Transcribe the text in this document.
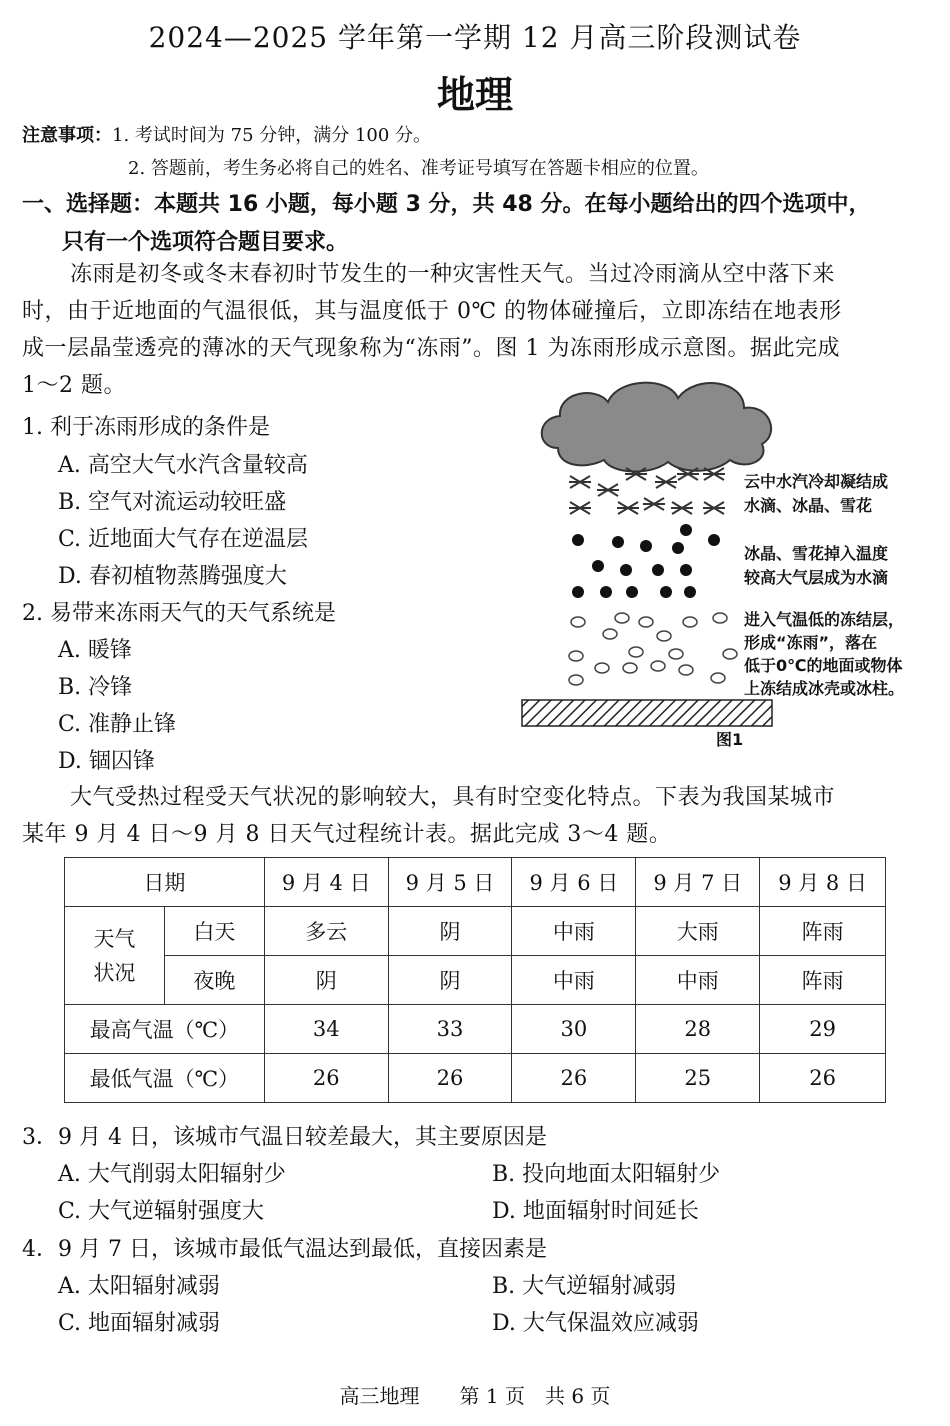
2024—2025 学年第一学期 12 月高三阶段测试卷
地理
注意事项：1. 考试时间为 75 分钟，满分 100 分。
2. 答题前，考生务必将自己的姓名、准考证号填写在答题卡相应的位置。
一、选择题：本题共 16 小题，每小题 3 分，共 48 分。在每小题给出的四个选项中，
只有一个选项符合题目要求。
冻雨是初冬或冬末春初时节发生的一种灾害性天气。当过冷雨滴从空中落下来
时，由于近地面的气温很低，其与温度低于 0℃ 的物体碰撞后，立即冻结在地表形
成一层晶莹透亮的薄冰的天气现象称为“冻雨”。图 1 为冻雨形成示意图。据此完成
1～2 题。
1. 利于冻雨形成的条件是
A. 高空大气水汽含量较高
B. 空气对流运动较旺盛
C. 近地面大气存在逆温层
D. 春初植物蒸腾强度大
2. 易带来冻雨天气的天气系统是
A. 暖锋
B. 冷锋
C. 准静止锋
D. 锢囚锋
云中水汽冷却凝结成
水滴、冰晶、雪花
冰晶、雪花掉入温度
较高大气层成为水滴
进入气温低的冻结层，
形成“冻雨”，落在
低于0℃的地面或物体
上冻结成冰壳或冰柱。
图1
大气受热过程受天气状况的影响较大，具有时空变化特点。下表为我国某城市
某年 9 月 4 日～9 月 8 日天气过程统计表。据此完成 3～4 题。
日期		9 月 4 日	9 月 5 日	9 月 6 日	9 月 7 日	9 月 8 日
天气
状况	白天	多云	阴	中雨	大雨	阵雨
	夜晚	阴	阴	中雨	中雨	阵雨
最高气温（℃）		34	33	30	28	29
最低气温（℃）		26	26	26	25	26
3．9 月 4 日，该城市气温日较差最大，其主要原因是
A. 大气削弱太阳辐射少	B. 投向地面太阳辐射少
C. 大气逆辐射强度大	D. 地面辐射时间延长
4．9 月 7 日，该城市最低气温达到最低，直接因素是
A. 太阳辐射减弱	B. 大气逆辐射减弱
C. 地面辐射减弱	D. 大气保温效应减弱
高三地理　　第 1 页　共 6 页
